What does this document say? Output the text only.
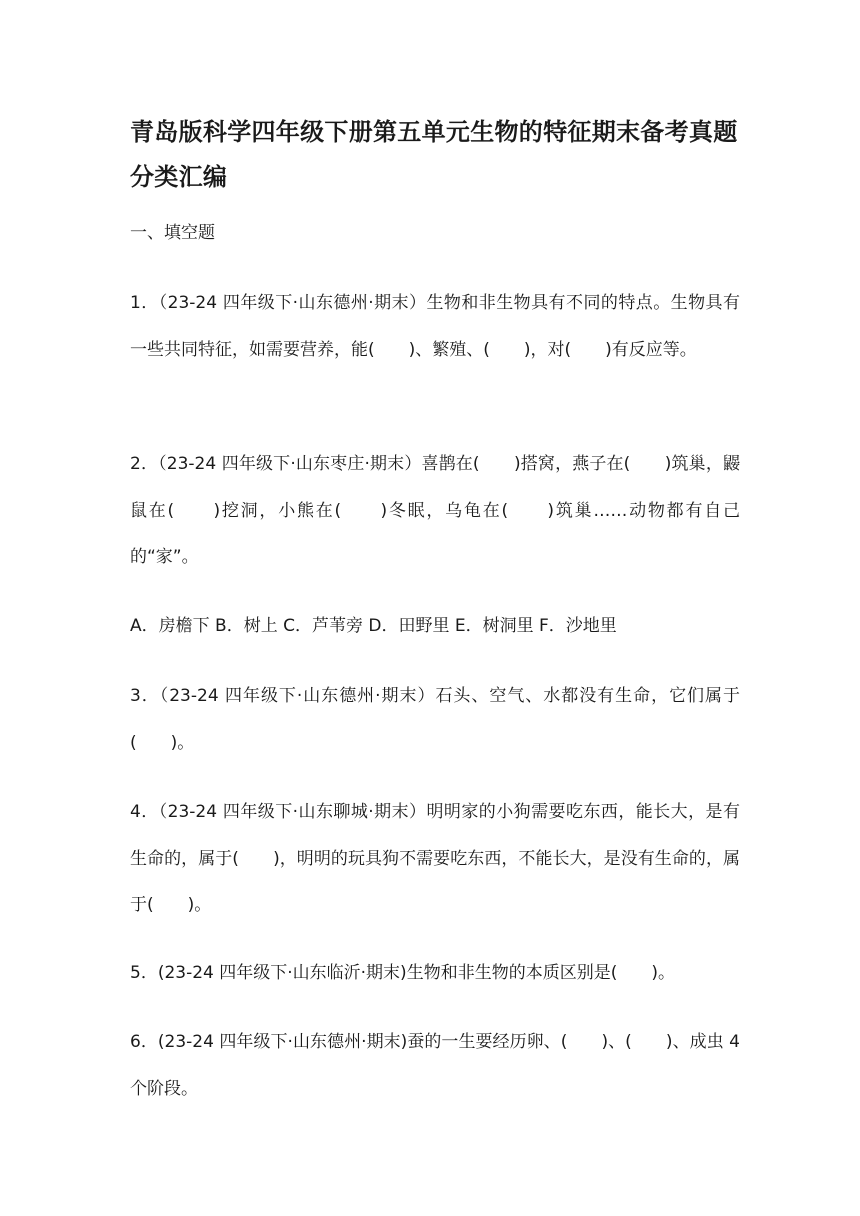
青岛版科学四年级下册第五单元生物的特征期末备考真题分类汇编

一、填空题

1．（23-24 四年级下·山东德州·期末）生物和非生物具有不同的特点。生物具有一些共同特征，如需要营养，能(　　)、繁殖、(　　)，对(　　)有反应等。

2．（23-24 四年级下·山东枣庄·期末）喜鹊在(　　)搭窝，燕子在(　　)筑巢，鼹鼠在(　　)挖洞，小熊在(　　)冬眠，乌龟在(　　)筑巢……动物都有自己的“家”。

A．房檐下 B．树上 C．芦苇旁 D．田野里 E．树洞里 F．沙地里

3．（23-24 四年级下·山东德州·期末）石头、空气、水都没有生命，它们属于(　　)。

4．（23-24 四年级下·山东聊城·期末）明明家的小狗需要吃东西，能长大，是有生命的，属于(　　)，明明的玩具狗不需要吃东西，不能长大，是没有生命的，属于(　　)。

5．(23-24 四年级下·山东临沂·期末)生物和非生物的本质区别是(　　)。

6．(23-24 四年级下·山东德州·期末)蚕的一生要经历卵、(　　)、(　　)、成虫 4 个阶段。
